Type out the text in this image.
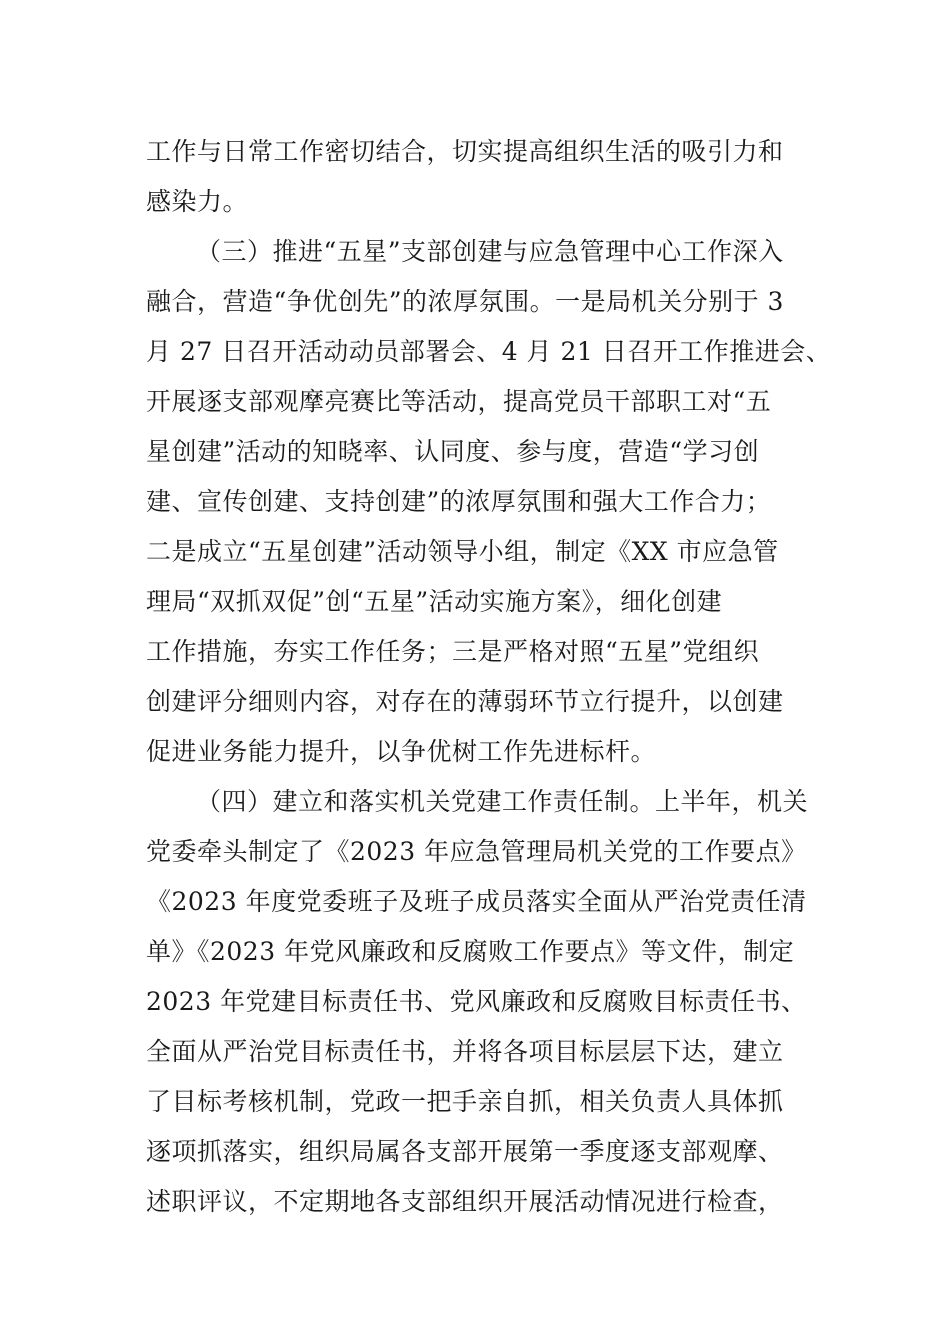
工作与日常工作密切结合，切实提高组织生活的吸引力和
感染力。
（三）推进“五星”支部创建与应急管理中心工作深入
融合，营造“争优创先”的浓厚氛围。一是局机关分别于 3
月 27 日召开活动动员部署会、4 月 21 日召开工作推进会、
开展逐支部观摩亮赛比等活动，提高党员干部职工对“五
星创建”活动的知晓率、认同度、参与度，营造“学习创
建、宣传创建、支持创建”的浓厚氛围和强大工作合力；
二是成立“五星创建”活动领导小组，制定《XX 市应急管
理局“双抓双促”创“五星”活动实施方案》，细化创建
工作措施，夯实工作任务；三是严格对照“五星”党组织
创建评分细则内容，对存在的薄弱环节立行提升，以创建
促进业务能力提升，以争优树工作先进标杆。
（四）建立和落实机关党建工作责任制。上半年，机关
党委牵头制定了《2023 年应急管理局机关党的工作要点》
《2023 年度党委班子及班子成员落实全面从严治党责任清
单》《2023 年党风廉政和反腐败工作要点》等文件，制定
2023 年党建目标责任书、党风廉政和反腐败目标责任书、
全面从严治党目标责任书，并将各项目标层层下达，建立
了目标考核机制，党政一把手亲自抓，相关负责人具体抓
逐项抓落实，组织局属各支部开展第一季度逐支部观摩、
述职评议，不定期地各支部组织开展活动情况进行检查，
